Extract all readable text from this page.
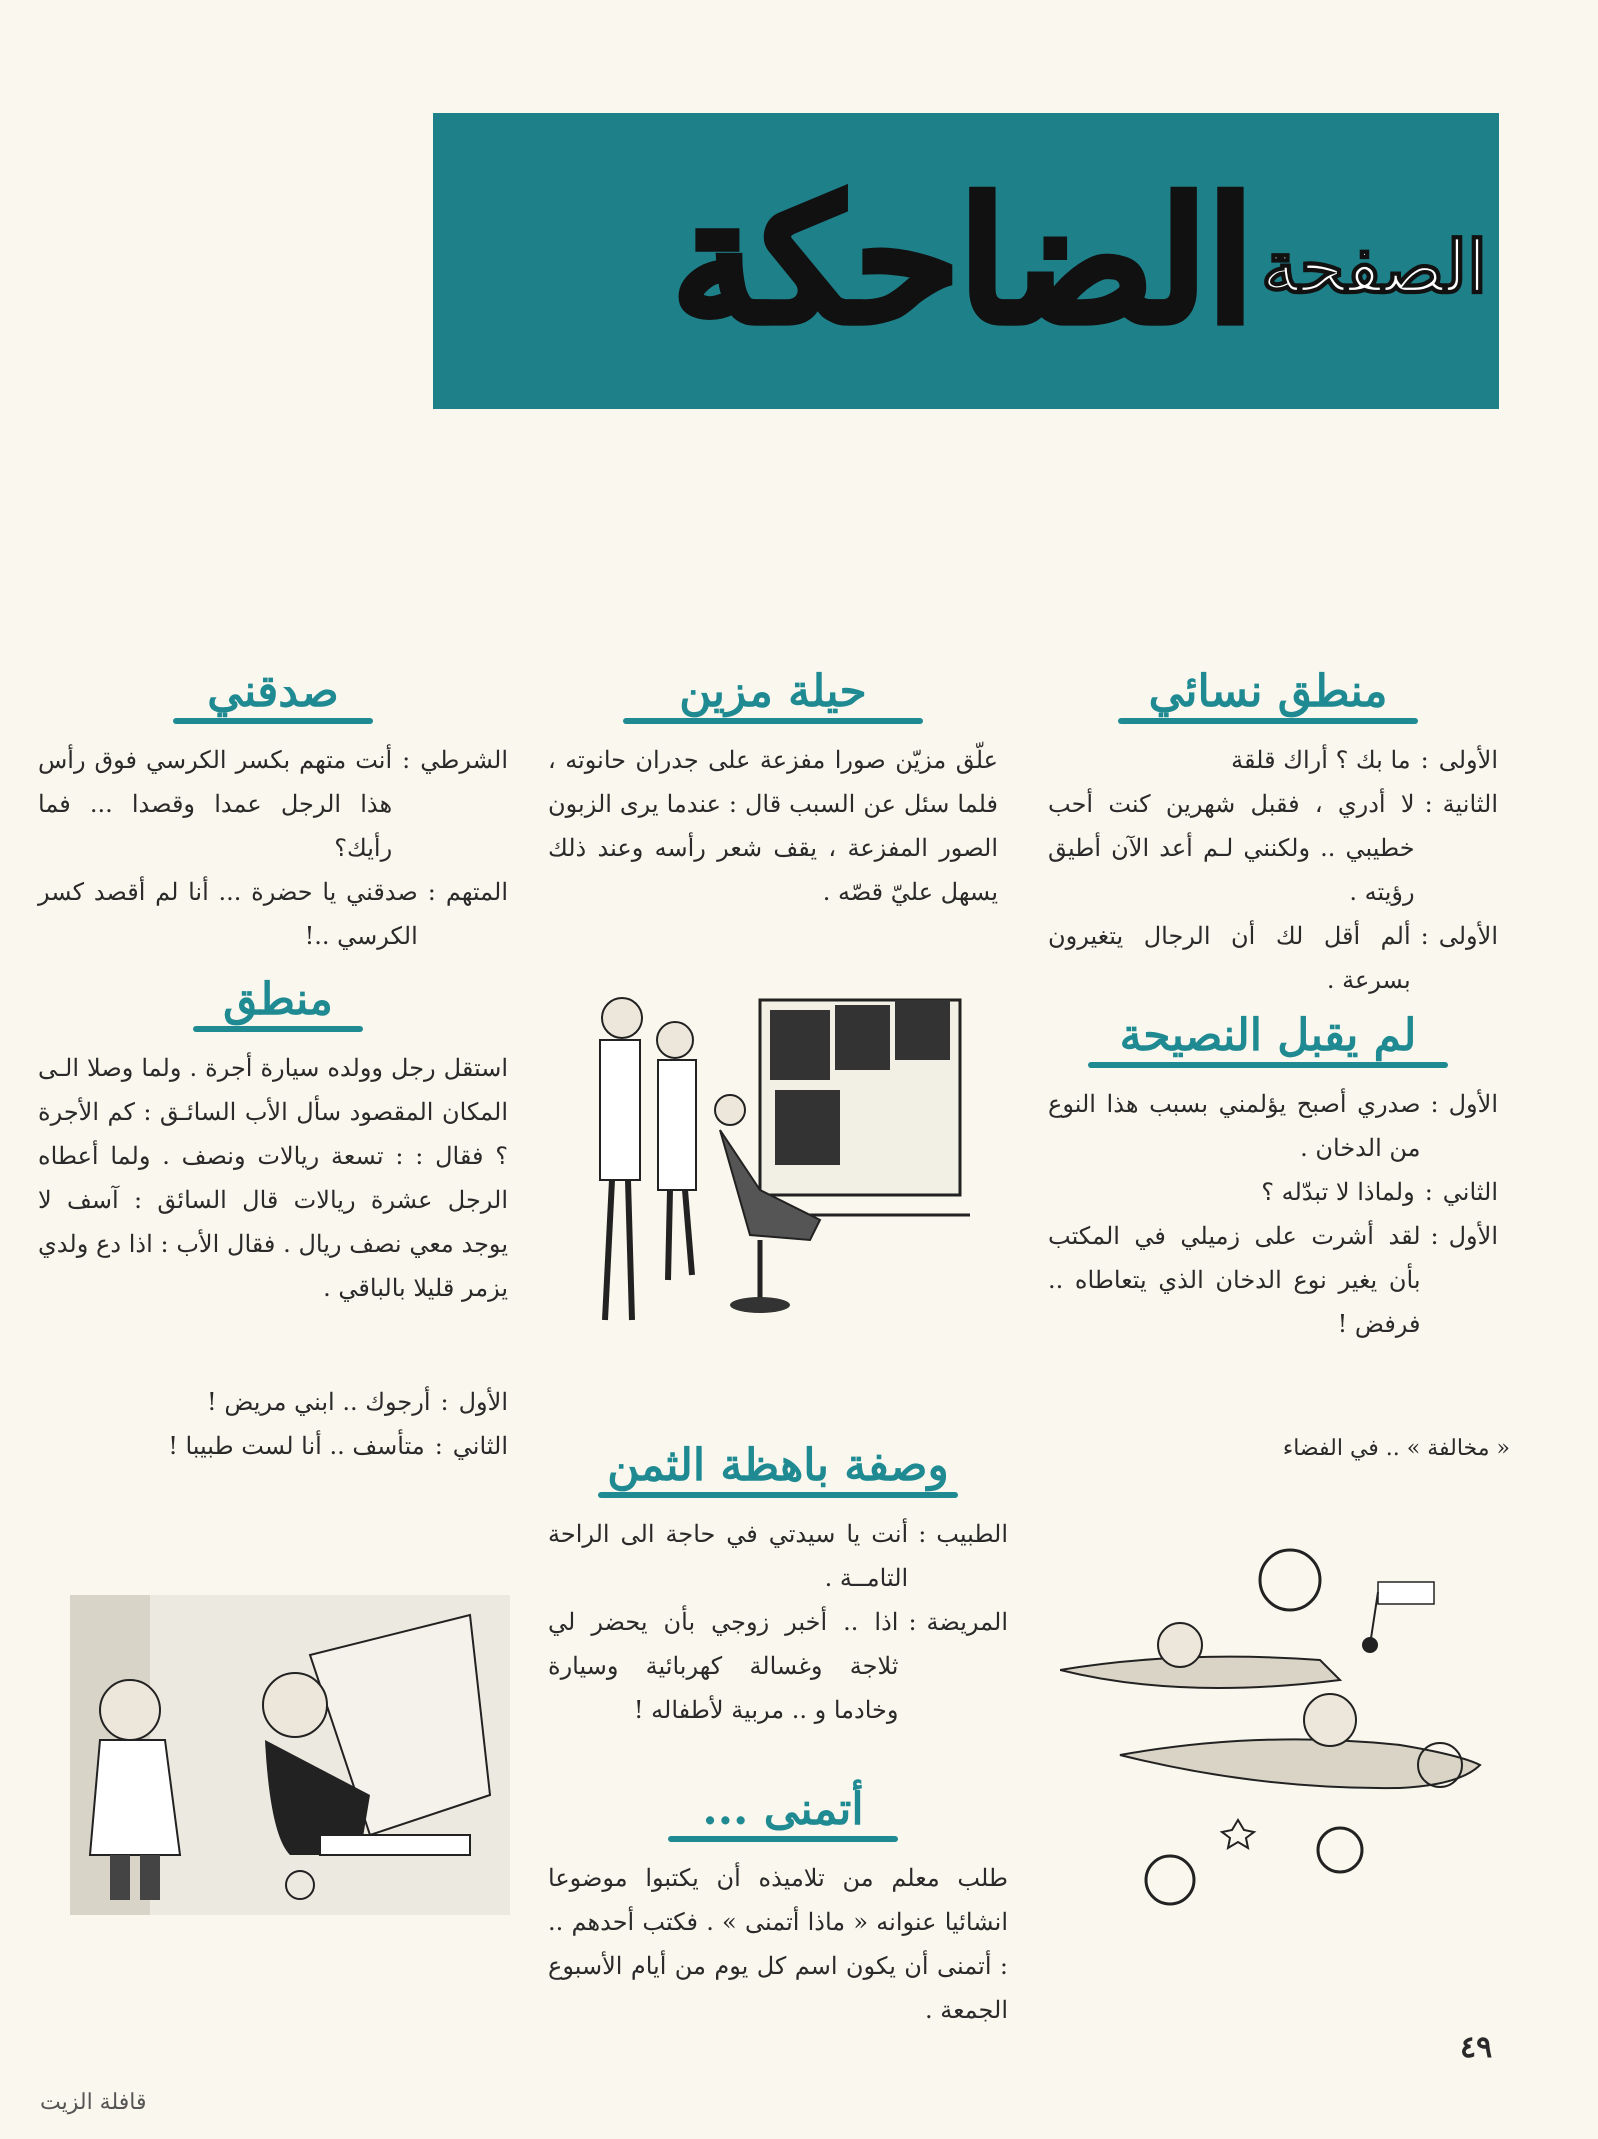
الضاحكة الصفحة
منطق نسائي
الأولى
:
ما بك ؟ أراك قلقة
الثانية
:
لا أدري ، فقبل شهرين كنت أحب خطيبي .. ولكنني لـم أعد الآن أطيق رؤيته .
الأولى
:
ألم أقل لك أن الرجال يتغيرون بسرعة .
لم يقبل النصيحة
الأول
:
صدري أصبح يؤلمني بسبب هذا النوع من الدخان .
الثاني
:
ولماذا لا تبدّله ؟
الأول
:
لقد أشرت على زميلي في المكتب بأن يغير نوع الدخان الذي يتعاطاه .. فرفض !
« مخالفة » .. في الفضاء
حيلة مزين
علّق مزيّن صورا مفزعة على جدران حانوته ، فلما سئل عن السبب قال : عندما يرى الزبون الصور المفزعة ، يقف شعر رأسه وعند ذلك يسهل عليّ قصّه .
وصفة باهظة الثمن
الطبيب
:
أنت يا سيدتي في حاجة الى الراحة التامــة .
المريضة
:
اذا .. أخبر زوجي بأن يحضر لي ثلاجة وغسالة كهربائية وسيارة وخادما و .. مربية لأطفاله !
أتمنى ...
طلب معلم من تلاميذه أن يكتبوا موضوعا انشائيا عنوانه « ماذا أتمنى » . فكتب أحدهم .. : أتمنى أن يكون اسم كل يوم من أيام الأسبوع الجمعة .
صدقني
الشرطي
:
أنت متهم بكسر الكرسي فوق رأس هذا الرجل عمدا وقصدا ... فما رأيك؟
المتهم
:
صدقني يا حضرة ... أنا لم أقصد كسر الكرسي ..!
منطق
استقل رجل وولده سيارة أجرة . ولما وصلا الـى المكان المقصود سأل الأب السائـق : كم الأجرة ؟ فقال : : تسعة ريالات ونصف . ولما أعطاه الرجل عشرة ريالات قال السائق : آسف لا يوجد معي نصف ريال . فقال الأب : اذا دع ولدي يزمر قليلا بالباقي .
الأول
:
أرجوك .. ابني مريض !
الثاني
:
متأسف .. أنا لست طبيبا !
٤٩
قافلة الزيت
